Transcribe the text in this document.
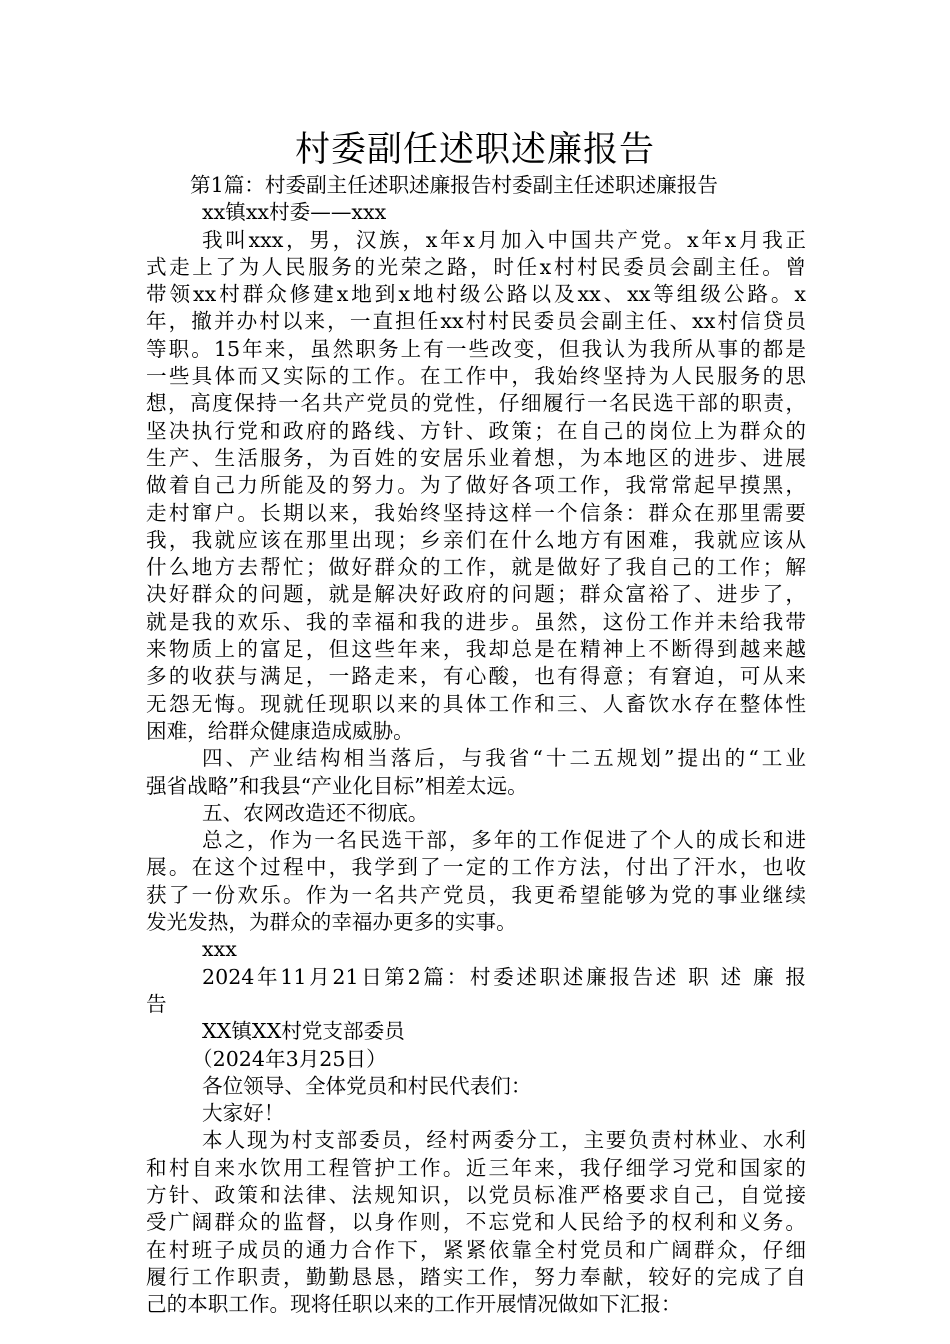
村委副任述职述廉报告
第1篇：村委副主任述职述廉报告村委副主任述职述廉报告
xx镇xx村委——xxx
我叫xxx，男，汉族，x年x月加入中国共产党。x年x月我正
式走上了为人民服务的光荣之路，时任x村村民委员会副主任。曾
带领xx村群众修建x地到x地村级公路以及xx、xx等组级公路。x
年，撤并办村以来，一直担任xx村村民委员会副主任、xx村信贷员
等职。15年来，虽然职务上有一些改变，但我认为我所从事的都是
一些具体而又实际的工作。在工作中，我始终坚持为人民服务的思
想，高度保持一名共产党员的党性，仔细履行一名民选干部的职责，
坚决执行党和政府的路线、方针、政策；在自己的岗位上为群众的
生产、生活服务，为百姓的安居乐业着想，为本地区的进步、进展
做着自己力所能及的努力。为了做好各项工作，我常常起早摸黑，
走村窜户。长期以来，我始终坚持这样一个信条：群众在那里需要
我，我就应该在那里出现；乡亲们在什么地方有困难，我就应该从
什么地方去帮忙；做好群众的工作，就是做好了我自己的工作；解
决好群众的问题，就是解决好政府的问题；群众富裕了、进步了，
就是我的欢乐、我的幸福和我的进步。虽然，这份工作并未给我带
来物质上的富足，但这些年来，我却总是在精神上不断得到越来越
多的收获与满足，一路走来，有心酸，也有得意；有窘迫，可从来
无怨无悔。现就任现职以来的具体工作和三、人畜饮水存在整体性
困难，给群众健康造成威胁。
四、产业结构相当落后，与我省“十二五规划”提出的“工业
强省战略”和我县“产业化目标”相差太远。
五、农网改造还不彻底。
总之，作为一名民选干部，多年的工作促进了个人的成长和进
展。在这个过程中，我学到了一定的工作方法，付出了汗水，也收
获了一份欢乐。作为一名共产党员，我更希望能够为党的事业继续
发光发热，为群众的幸福办更多的实事。
xxx
2024年11月21日第2篇：村委述职述廉报告述 职 述 廉 报
告
XX镇XX村党支部委员
（2024年3月25日）
各位领导、全体党员和村民代表们：
大家好！
本人现为村支部委员，经村两委分工，主要负责村林业、水利
和村自来水饮用工程管护工作。近三年来，我仔细学习党和国家的
方针、政策和法律、法规知识，以党员标准严格要求自己，自觉接
受广阔群众的监督，以身作则，不忘党和人民给予的权利和义务。
在村班子成员的通力合作下，紧紧依靠全村党员和广阔群众，仔细
履行工作职责，勤勤恳恳，踏实工作，努力奉献，较好的完成了自
己的本职工作。现将任职以来的工作开展情况做如下汇报：
